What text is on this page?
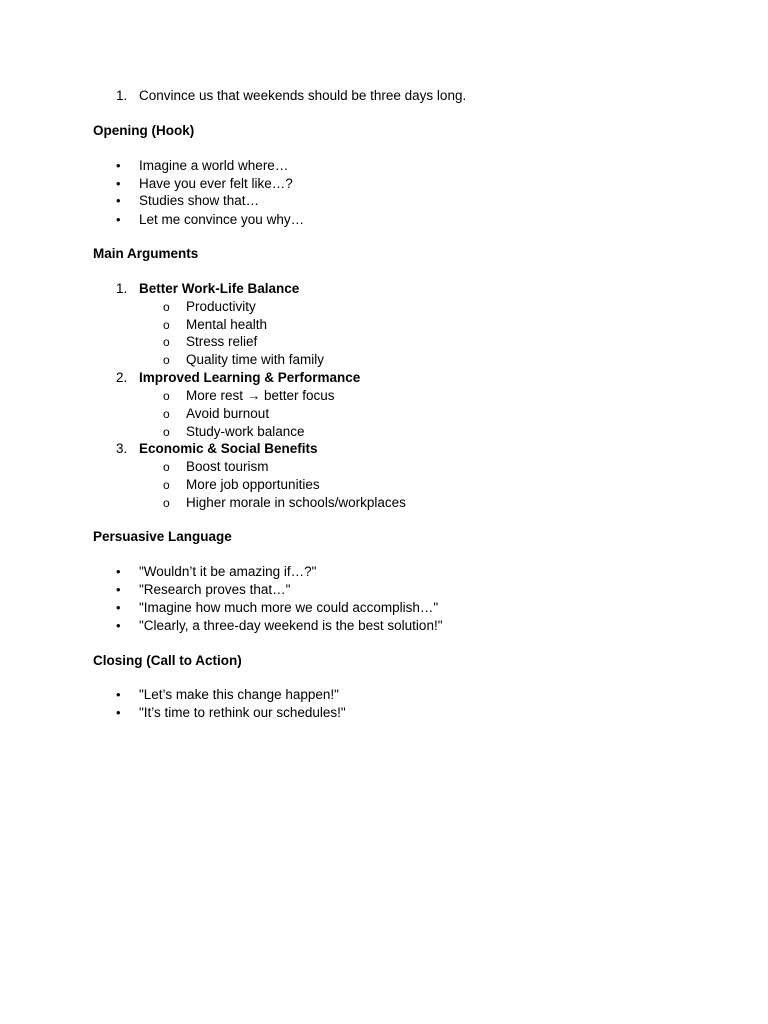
1. Convince us that weekends should be three days long.
Opening (Hook)
• Imagine a world where…
• Have you ever felt like…?
• Studies show that…
• Let me convince you why…
Main Arguments
1. Better Work-Life Balance
o Productivity
o Mental health
o Stress relief
o Quality time with family
2. Improved Learning & Performance
o More rest → better focus
o Avoid burnout
o Study-work balance
3. Economic & Social Benefits
o Boost tourism
o More job opportunities
o Higher morale in schools/workplaces
Persuasive Language
• "Wouldn’t it be amazing if…?"
• "Research proves that…"
• "Imagine how much more we could accomplish…"
• "Clearly, a three-day weekend is the best solution!"
Closing (Call to Action)
• "Let’s make this change happen!"
• "It’s time to rethink our schedules!"
